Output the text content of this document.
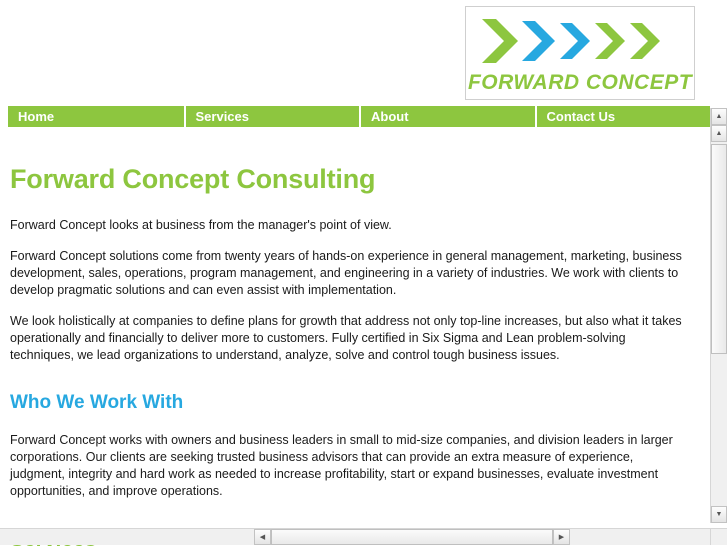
FORWARD CONCEPT
Home	Services	About	Contact Us
Forward Concept Consulting

Forward Concept looks at business from the manager's point of view.

Forward Concept solutions come from twenty years of hands-on experience in general management, marketing, business development, sales, operations, program management, and engineering in a variety of industries. We work with clients to develop pragmatic solutions and can even assist with implementation.

We look holistically at companies to define plans for growth that address not only top-line increases, but also what it takes operationally and financially to deliver more to customers. Fully certified in Six Sigma and Lean problem-solving techniques, we lead organizations to understand, analyze, solve and control tough business issues.

Who We Work With

Forward Concept works with owners and business leaders in small to mid-size companies, and division leaders in larger corporations. Our clients are seeking trusted business advisors that can provide an extra measure of experience, judgment, integrity and hard work as needed to increase profitability, start or expand businesses, evaluate investment opportunities, and improve operations.

▲
▲
▼
◀	▶
